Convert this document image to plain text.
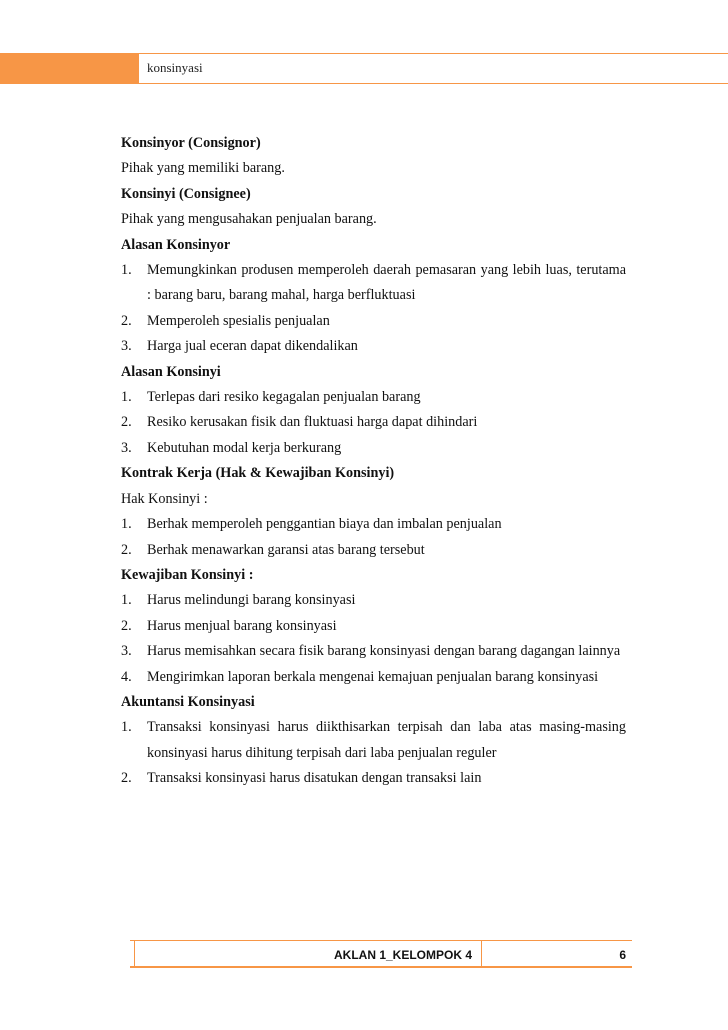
konsinyasi

Konsinyor (Consignor)

Pihak yang memiliki barang.

Konsinyi (Consignee)

Pihak yang mengusahakan penjualan barang.

Alasan Konsinyor

1. Memungkinkan produsen memperoleh daerah pemasaran yang lebih luas, terutama : barang baru, barang mahal, harga berfluktuasi
2. Memperoleh spesialis penjualan
3. Harga jual eceran dapat dikendalikan

Alasan Konsinyi

1. Terlepas dari resiko kegagalan penjualan barang
2. Resiko kerusakan fisik dan fluktuasi harga dapat dihindari
3. Kebutuhan modal kerja berkurang

Kontrak Kerja (Hak & Kewajiban Konsinyi)

Hak Konsinyi :

1. Berhak memperoleh penggantian biaya dan imbalan penjualan
2. Berhak menawarkan garansi atas barang tersebut

Kewajiban Konsinyi :

1. Harus melindungi barang konsinyasi
2. Harus menjual barang konsinyasi
3. Harus memisahkan secara fisik barang konsinyasi dengan barang dagangan lainnya
4. Mengirimkan laporan berkala mengenai kemajuan penjualan barang konsinyasi

Akuntansi Konsinyasi

1. Transaksi konsinyasi harus diikthisarkan terpisah dan laba atas masing-masing konsinyasi harus dihitung terpisah dari laba penjualan reguler
2. Transaksi konsinyasi harus disatukan dengan transaksi lain
AKLAN 1_KELOMPOK 4	6
